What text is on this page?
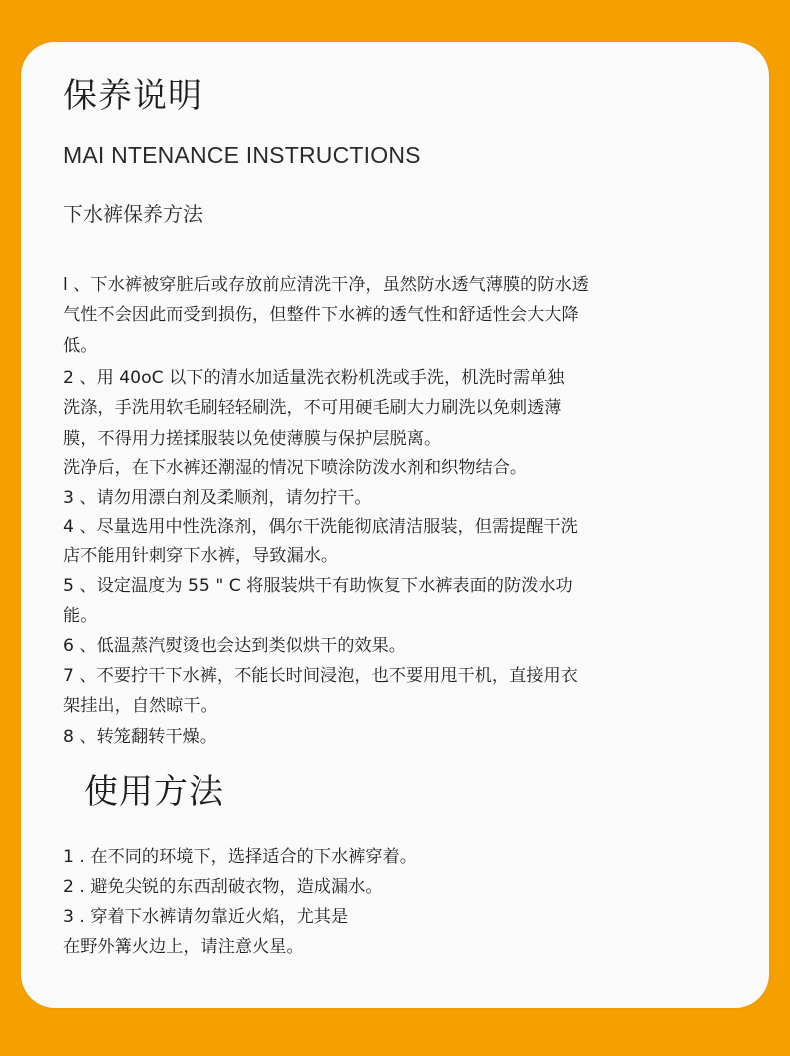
保养说明
MAI NTENANCE INSTRUCTIONS
下水裤保养方法
l 、下水裤被穿脏后或存放前应清洗干净，虽然防水透气薄膜的防水透
气性不会因此而受到损伤，但整件下水裤的透气性和舒适性会大大降
低。
2 、用 40oC 以下的清水加适量洗衣粉机洗或手洗，机洗时需单独
洗涤，手洗用软毛刷轻轻刷洗，不可用硬毛刷大力刷洗以免刺透薄
膜，不得用力搓揉服装以免使薄膜与保护层脱离。
洗净后，在下水裤还潮湿的情况下喷涂防泼水剂和织物结合。
3 、请勿用漂白剂及柔顺剂，请勿拧干。
4 、尽量选用中性洗涤剂，偶尔干洗能彻底清洁服装，但需提醒干洗
店不能用针刺穿下水裤，导致漏水。
5 、设定温度为 55 " C 将服装烘干有助恢复下水裤表面的防泼水功
能。
6 、低温蒸汽熨烫也会达到类似烘干的效果。
7 、不要拧干下水裤，不能长时间浸泡，也不要用甩干机，直接用衣
架挂出，自然晾干。
8 、转笼翻转干燥。
使用方法
1 . 在不同的环境下，选择适合的下水裤穿着。
2 . 避免尖锐的东西刮破衣物，造成漏水。
3 . 穿着下水裤请勿靠近火焰，尤其是
在野外篝火边上，请注意火星。
